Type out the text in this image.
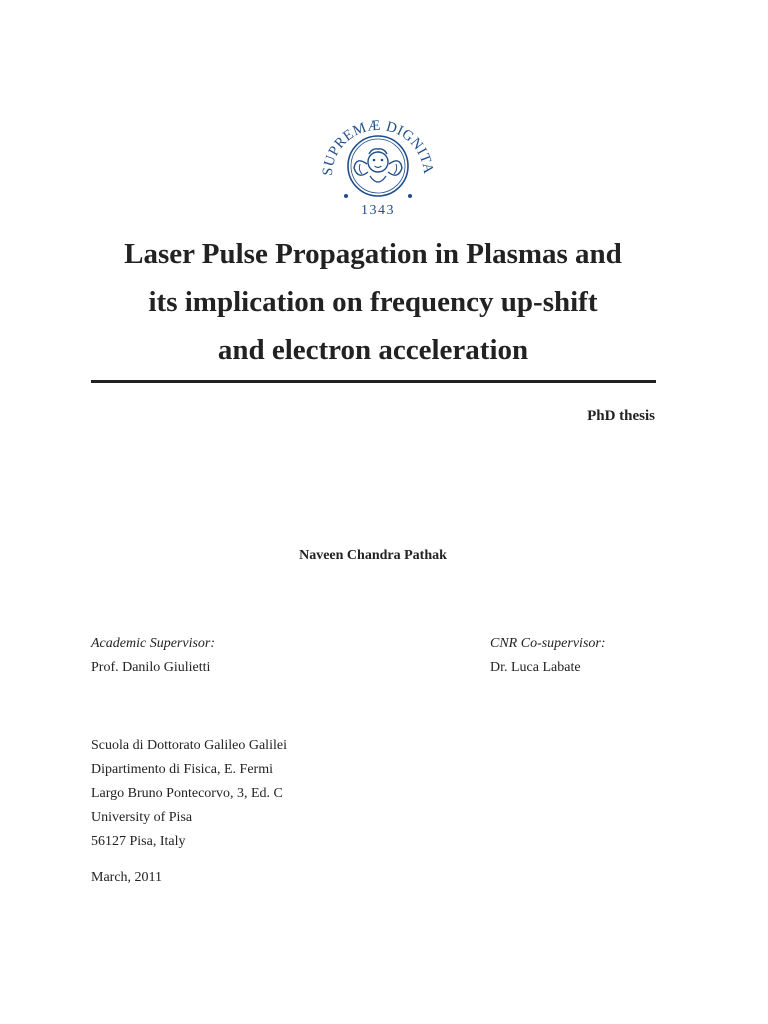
SUPREMÆ DIGNITA
1343
Laser Pulse Propagation in Plasmas and
its implication on frequency up-shift
and electron acceleration
PhD thesis
Naveen Chandra Pathak
Academic Supervisor:
Prof. Danilo Giulietti
CNR Co-supervisor:
Dr. Luca Labate
Scuola di Dottorato Galileo Galilei
Dipartimento di Fisica, E. Fermi
Largo Bruno Pontecorvo, 3, Ed. C
University of Pisa
56127 Pisa, Italy
March, 2011
